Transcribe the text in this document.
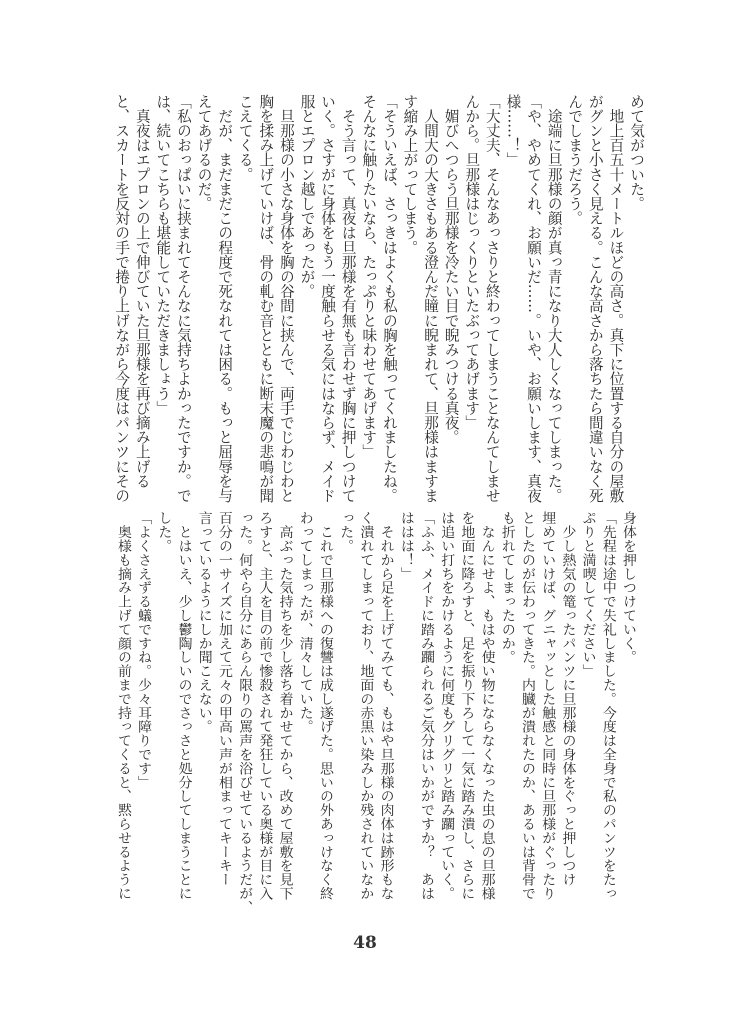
めて気がついた。
　地上百五十メートルほどの高さ。真下に位置する自分の屋敷
がグンと小さく見える。こんな高さから落ちたら間違いなく死
んでしまうだろう。
　途端に旦那様の顔が真っ青になり大人しくなってしまった。
「や、やめてくれ、お願いだ……。いや、お願いします、真夜
様……！」
「大丈夫、そんなあっさりと終わってしまうことなんてしませ
んから。旦那様はじっくりといたぶってあげます」
　媚びへつらう旦那様を冷たい目で睨みつける真夜。
　人間大の大きさもある澄んだ瞳に睨まれて、旦那様はますま
す縮み上がってしまう。
「そういえば、さっきはよくも私の胸を触ってくれましたね。
そんなに触りたいなら、たっぷりと味わせてあげます」
　そう言って、真夜は旦那様を有無も言わせず胸に押しつけて
いく。さすがに身体をもう一度触らせる気にはならず、メイド
服とエプロン越しであったが。
　旦那様の小さな身体を胸の谷間に挟んで、両手でじわじわと
胸を揉み上げていけば、骨の軋む音とともに断末魔の悲鳴が聞
こえてくる。
　だが、まだまだこの程度で死なれては困る。もっと屈辱を与
えてあげるのだ。
「私のおっぱいに挟まれてそんなに気持ちよかったですか。で
は、続いてこちらも堪能していただきましょう」
　真夜はエプロンの上で伸びていた旦那様を再び摘み上げる
と、スカートを反対の手で捲り上げながら今度はパンツにその
身体を押しつけていく。
「先程は途中で失礼しました。今度は全身で私のパンツをたっ
ぷりと満喫してください」
　少し熱気の篭ったパンツに旦那様の身体をぐっと押しつけ
埋めていけば、グニャッとした触感と同時に旦那様がぐったり
としたのが伝わってきた。内臓が潰れたのか、あるいは背骨で
も折れてしまったのか。
　なんにせよ、もはや使い物にならなくなった虫の息の旦那様
を地面に降ろすと、足を振り下ろして一気に踏み潰し、さらに
は追い打ちをかけるように何度もグリグリと踏み躙っていく。
「ふふ、メイドに踏み躙られるご気分はいかがですか？　あは
ははは！」
　それから足を上げてみても、もはや旦那様の肉体は跡形もな
く潰れてしまっており、地面の赤黒い染みしか残されていなか
った。
　これで旦那様への復讐は成し遂げた。思いの外あっけなく終
わってしまったが、清々していた。
　高ぶった気持ちを少し落ち着かせてから、改めて屋敷を見下
ろすと、主人を目の前で惨殺されて発狂している奥様が目に入
った。何やら自分にあらん限りの罵声を浴びせているようだが、
百分の一サイズに加えて元々の甲高い声が相まってキーキー
言っているようにしか聞こえない。
　とはいえ、少し鬱陶しいのでさっさと処分してしまうことに
した。
「よくさえずる蟻ですね。少々耳障りです」
　奥様も摘み上げて顔の前まで持ってくると、黙らせるように
48
